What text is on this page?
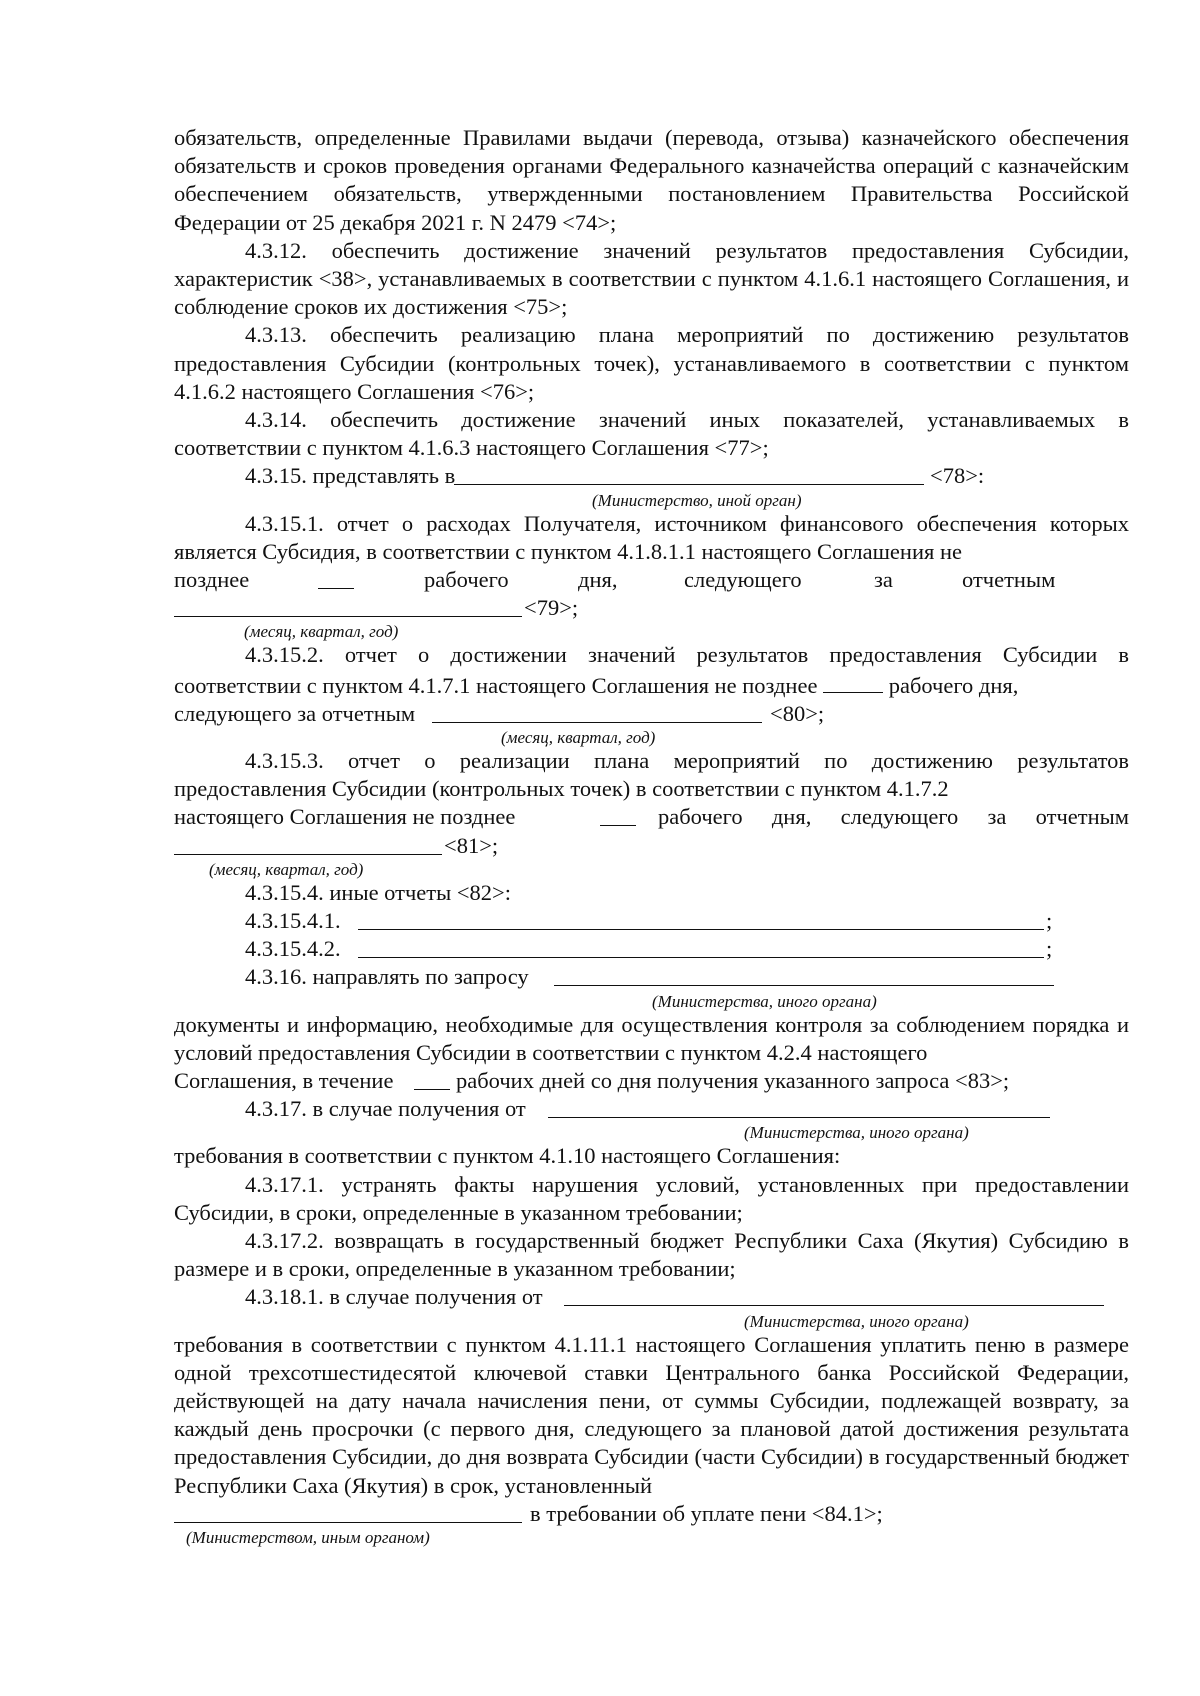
обязательств, определенные Правилами выдачи (перевода, отзыва) казначейского обеспечения обязательств и сроков проведения органами Федерального казначейства операций с казначейским обеспечением обязательств, утвержденными постановлением Правительства Российской Федерации от 25 декабря 2021 г. N 2479 <74>;

4.3.12. обеспечить достижение значений результатов предоставления Субсидии, характеристик <38>, устанавливаемых в соответствии с пунктом 4.1.6.1 настоящего Соглашения, и соблюдение сроков их достижения <75>;

4.3.13. обеспечить реализацию плана мероприятий по достижению результатов предоставления Субсидии (контрольных точек), устанавливаемого в соответствии с пунктом 4.1.6.2 настоящего Соглашения <76>;

4.3.14. обеспечить достижение значений иных показателей, устанавливаемых в соответствии с пунктом 4.1.6.3 настоящего Соглашения <77>;

4.3.15. представлять в	<78>:
(Министерство, иной орган)

4.3.15.1. отчет о расходах Получателя, источником финансового обеспечения которых является Субсидия, в соответствии с пунктом 4.1.8.1.1 настоящего Соглашения не

позднее	рабочего	дня,	следующего	за	отчетным
<79>;
(месяц, квартал, год)
4.3.15.2. отчет о достижении значений результатов предоставления Субсидии в соответствии с пунктом 4.1.7.1 настоящего Соглашения не позднее	рабочего дня,
следующего за отчетным	<80>;
(месяц, квартал, год)

4.3.15.3. отчет о реализации плана мероприятий по достижению результатов предоставления Субсидии (контрольных точек) в соответствии с пунктом 4.1.7.2

настоящего Соглашения не позднее	рабочего дня, следующего за отчетным
<81>;
(месяц, квартал, год)
4.3.15.4. иные отчеты <82>:
4.3.15.4.1.	;
4.3.15.4.2.	;
4.3.16. направлять по запросу
(Министерства, иного органа)

документы и информацию, необходимые для осуществления контроля за соблюдением порядка и условий предоставления Субсидии в соответствии с пунктом 4.2.4 настоящего

Соглашения, в течение	рабочих дней со дня получения указанного запроса <83>;
4.3.17. в случае получения от
(Министерства, иного органа)

требования в соответствии с пунктом 4.1.10 настоящего Соглашения:

4.3.17.1. устранять факты нарушения условий, установленных при предоставлении Субсидии, в сроки, определенные в указанном требовании;

4.3.17.2. возвращать в государственный бюджет Республики Саха (Якутия) Субсидию в размере и в сроки, определенные в указанном требовании;

4.3.18.1. в случае получения от
(Министерства, иного органа)

требования в соответствии с пунктом 4.1.11.1 настоящего Соглашения уплатить пеню в размере одной трехсотшестидесятой ключевой ставки Центрального банка Российской Федерации, действующей на дату начала начисления пени, от суммы Субсидии, подлежащей возврату, за каждый день просрочки (с первого дня, следующего за плановой датой достижения результата предоставления Субсидии, до дня возврата Субсидии (части Субсидии) в государственный бюджет Республики Саха (Якутия) в срок, установленный

в требовании об уплате пени <84.1>;
(Министерством, иным органом)
